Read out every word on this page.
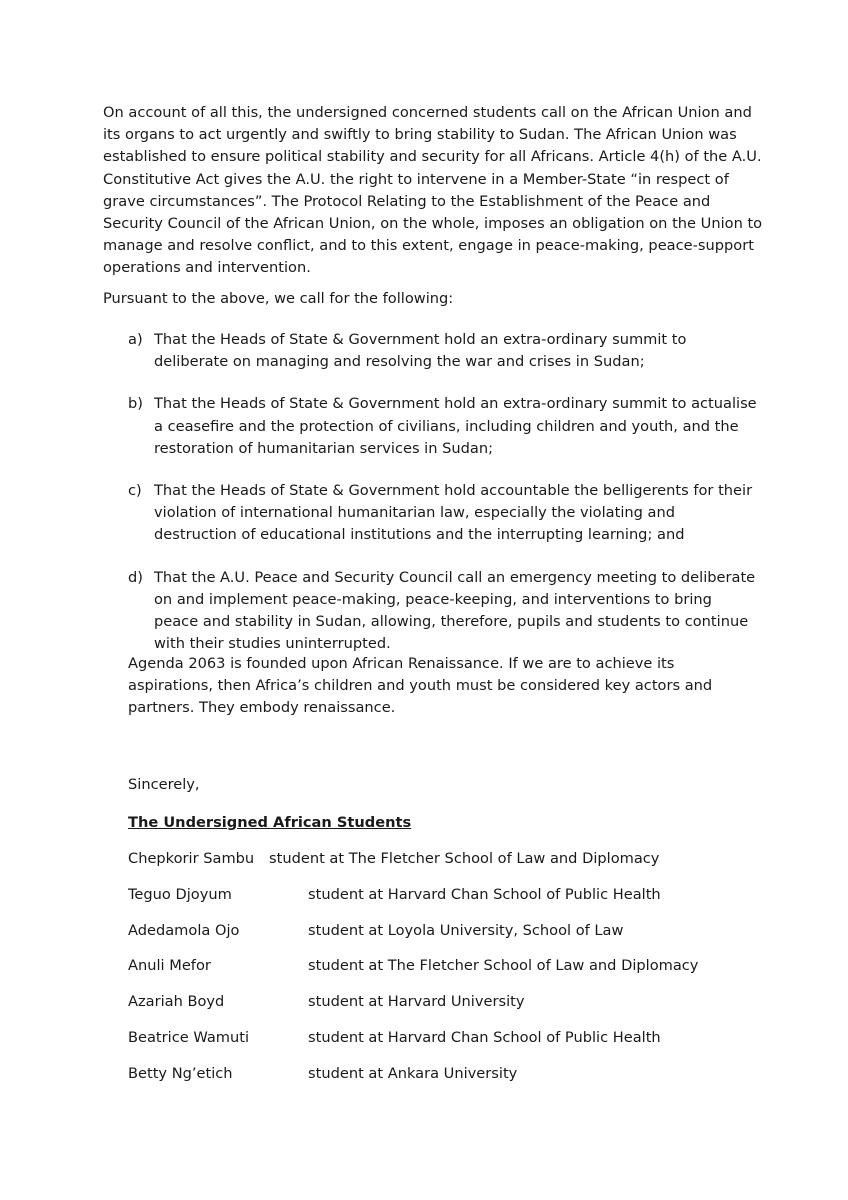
On account of all this, the undersigned concerned students call on the African Union and its organs to act urgently and swiftly to bring stability to Sudan. The African Union was established to ensure political stability and security for all Africans. Article 4(h) of the A.U. Constitutive Act gives the A.U. the right to intervene in a Member-State “in respect of grave circumstances”. The Protocol Relating to the Establishment of the Peace and Security Council of the African Union, on the whole, imposes an obligation on the Union to manage and resolve conflict, and to this extent, engage in peace-making, peace-support operations and intervention.

Pursuant to the above, we call for the following:

a) That the Heads of State & Government hold an extra-ordinary summit to deliberate on managing and resolving the war and crises in Sudan;
b) That the Heads of State & Government hold an extra-ordinary summit to actualise a ceasefire and the protection of civilians, including children and youth, and the restoration of humanitarian services in Sudan;
c) That the Heads of State & Government hold accountable the belligerents for their violation of international humanitarian law, especially the violating and destruction of educational institutions and the interrupting learning; and
d) That the A.U. Peace and Security Council call an emergency meeting to deliberate on and implement peace-making, peace-keeping, and interventions to bring peace and stability in Sudan, allowing, therefore, pupils and students to continue with their studies uninterrupted.

Agenda 2063 is founded upon African Renaissance. If we are to achieve its aspirations, then Africa’s children and youth must be considered key actors and partners. They embody renaissance.

Sincerely,

The Undersigned African Students

Chepkorir Sambu student at The Fletcher School of Law and Diplomacy
Teguo Djoyum	student at Harvard Chan School of Public Health
Adedamola Ojo	student at Loyola University, School of Law
Anuli Mefor	student at The Fletcher School of Law and Diplomacy
Azariah Boyd	student at Harvard University
Beatrice Wamuti	student at Harvard Chan School of Public Health
Betty Ng’etich	student at Ankara University
